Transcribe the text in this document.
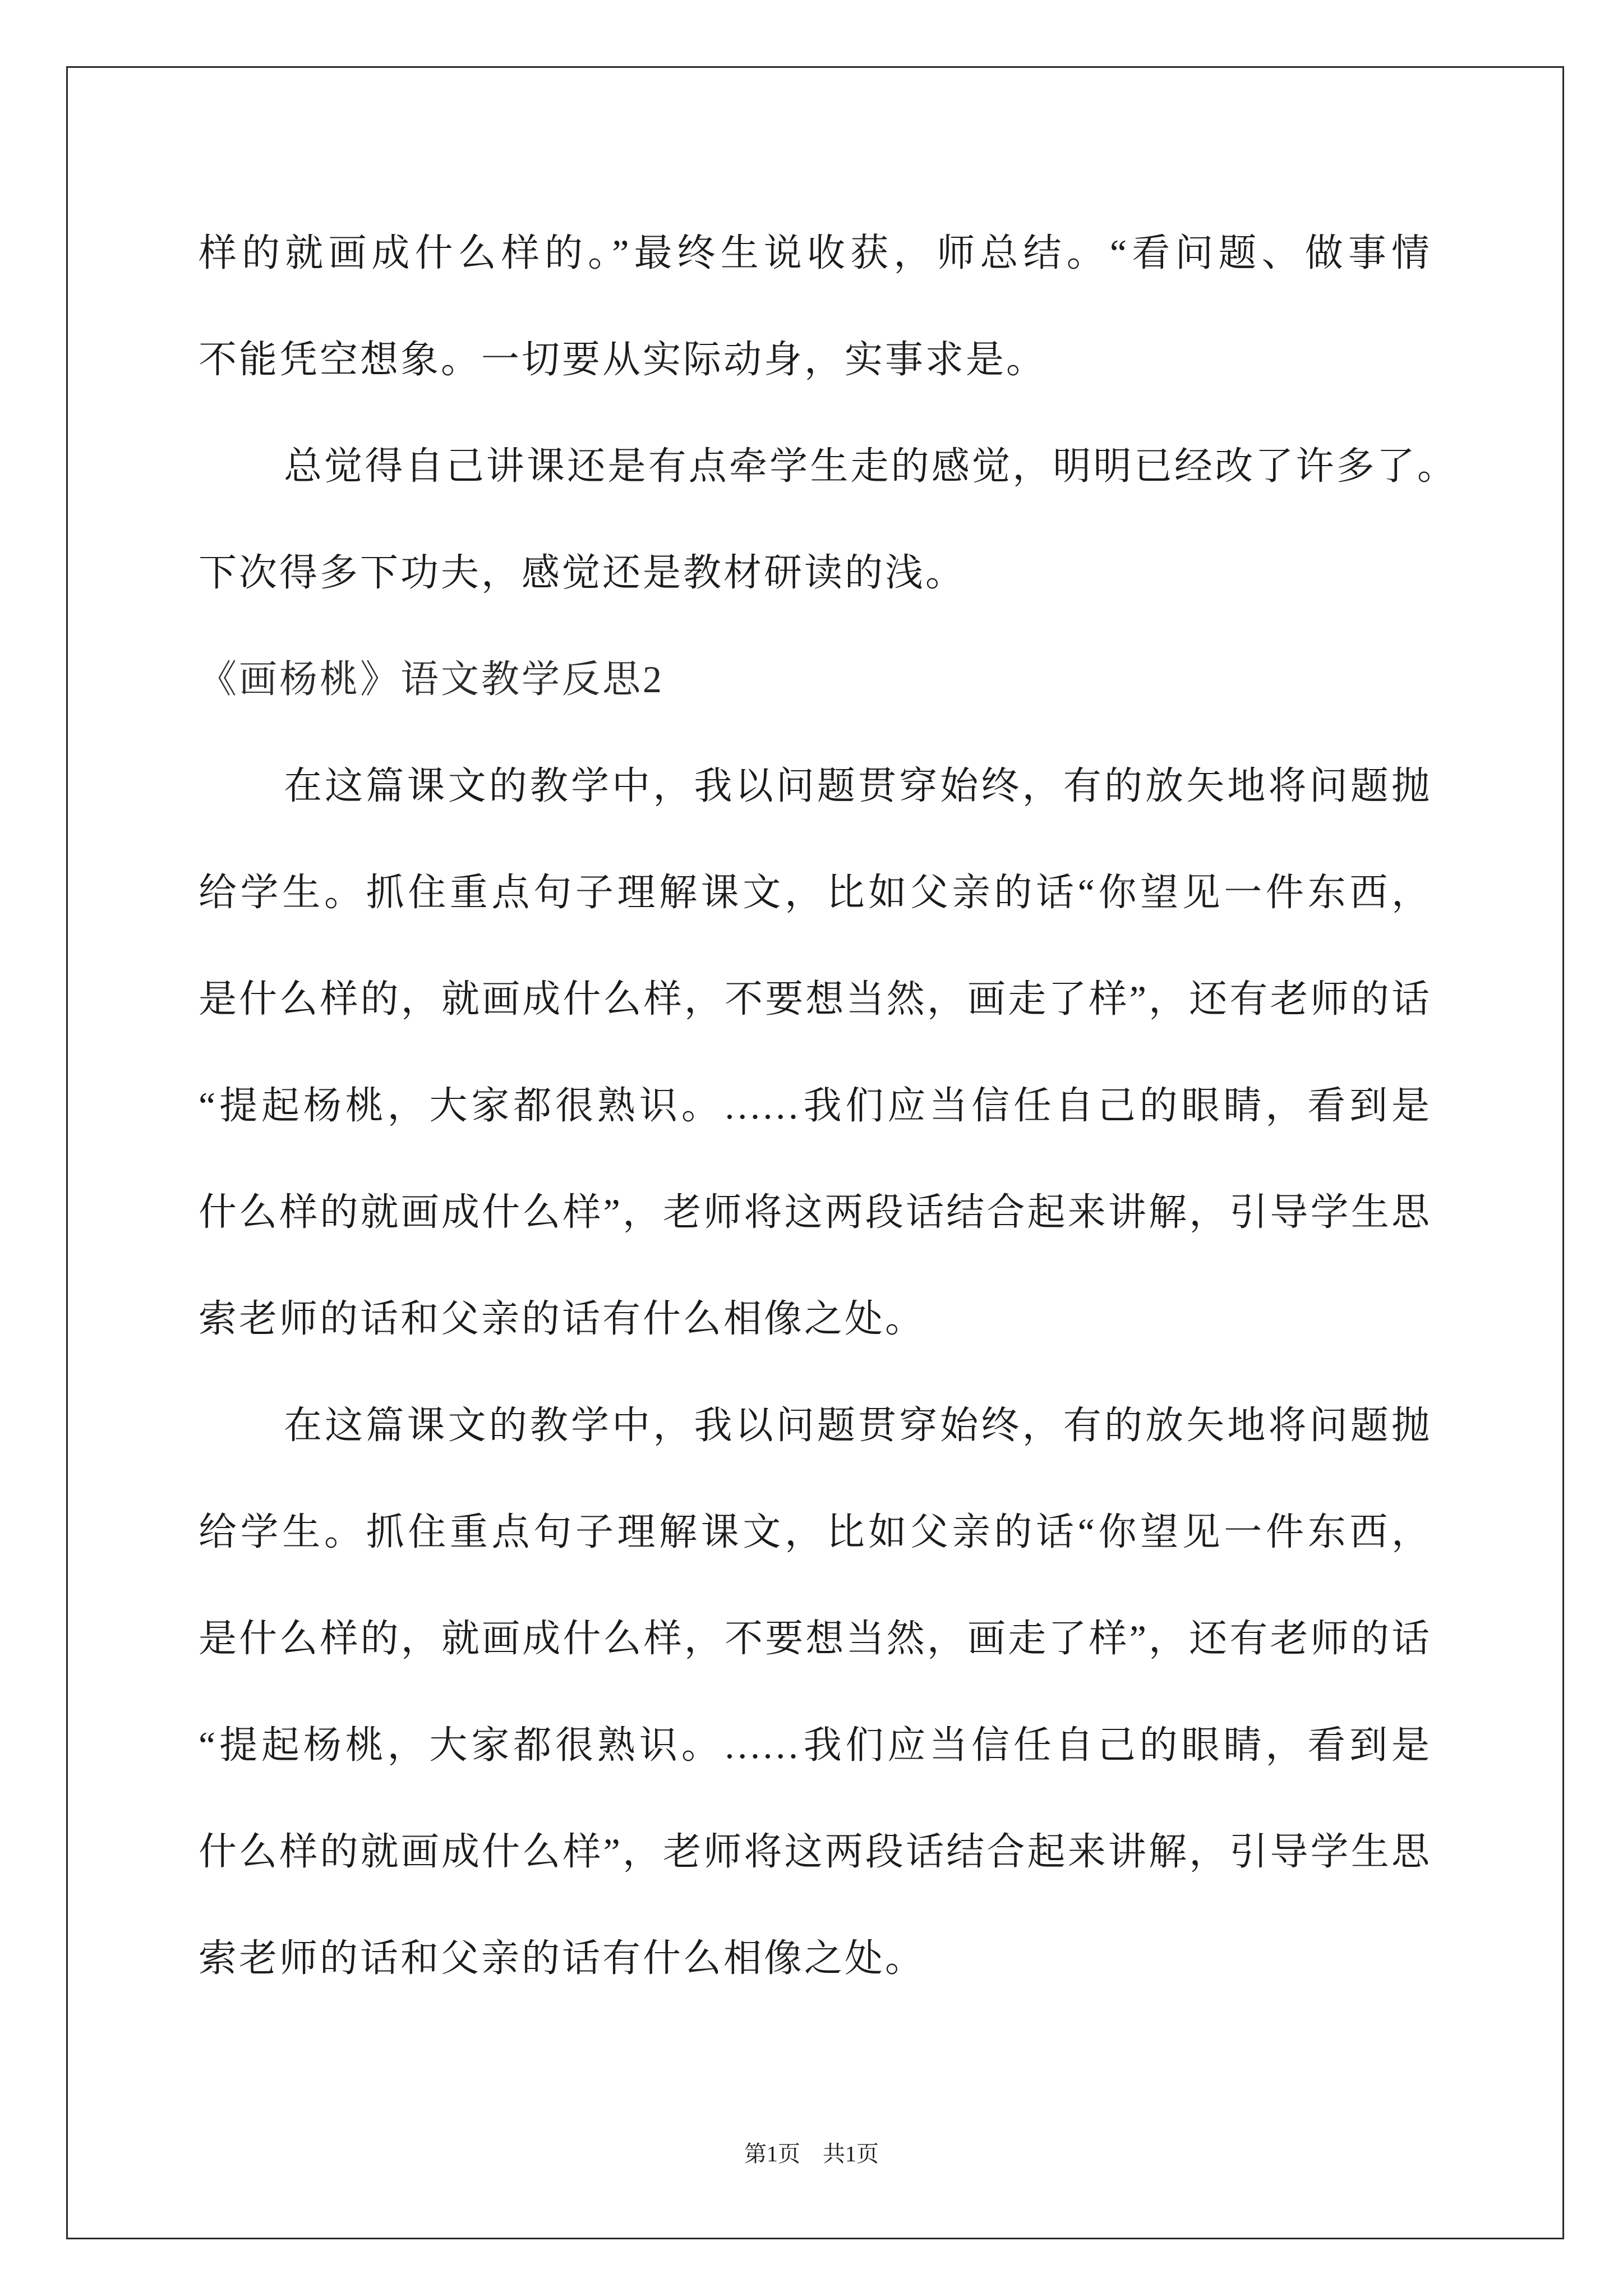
样的就画成什么样的。”最终生说收获，师总结。“看问题、做事情
不能凭空想象。一切要从实际动身，实事求是。
总觉得自己讲课还是有点牵学生走的感觉，明明已经改了许多了。
下次得多下功夫，感觉还是教材研读的浅。
《画杨桃》语文教学反思2
在这篇课文的教学中，我以问题贯穿始终，有的放矢地将问题抛
给学生。抓住重点句子理解课文，比如父亲的话“你望见一件东西，
是什么样的，就画成什么样，不要想当然，画走了样”，还有老师的话
“提起杨桃，大家都很熟识。……我们应当信任自己的眼睛，看到是
什么样的就画成什么样”，老师将这两段话结合起来讲解，引导学生思
索老师的话和父亲的话有什么相像之处。
在这篇课文的教学中，我以问题贯穿始终，有的放矢地将问题抛
给学生。抓住重点句子理解课文，比如父亲的话“你望见一件东西，
是什么样的，就画成什么样，不要想当然，画走了样”，还有老师的话
“提起杨桃，大家都很熟识。……我们应当信任自己的眼睛，看到是
什么样的就画成什么样”，老师将这两段话结合起来讲解，引导学生思
索老师的话和父亲的话有什么相像之处。
第1页　共1页
